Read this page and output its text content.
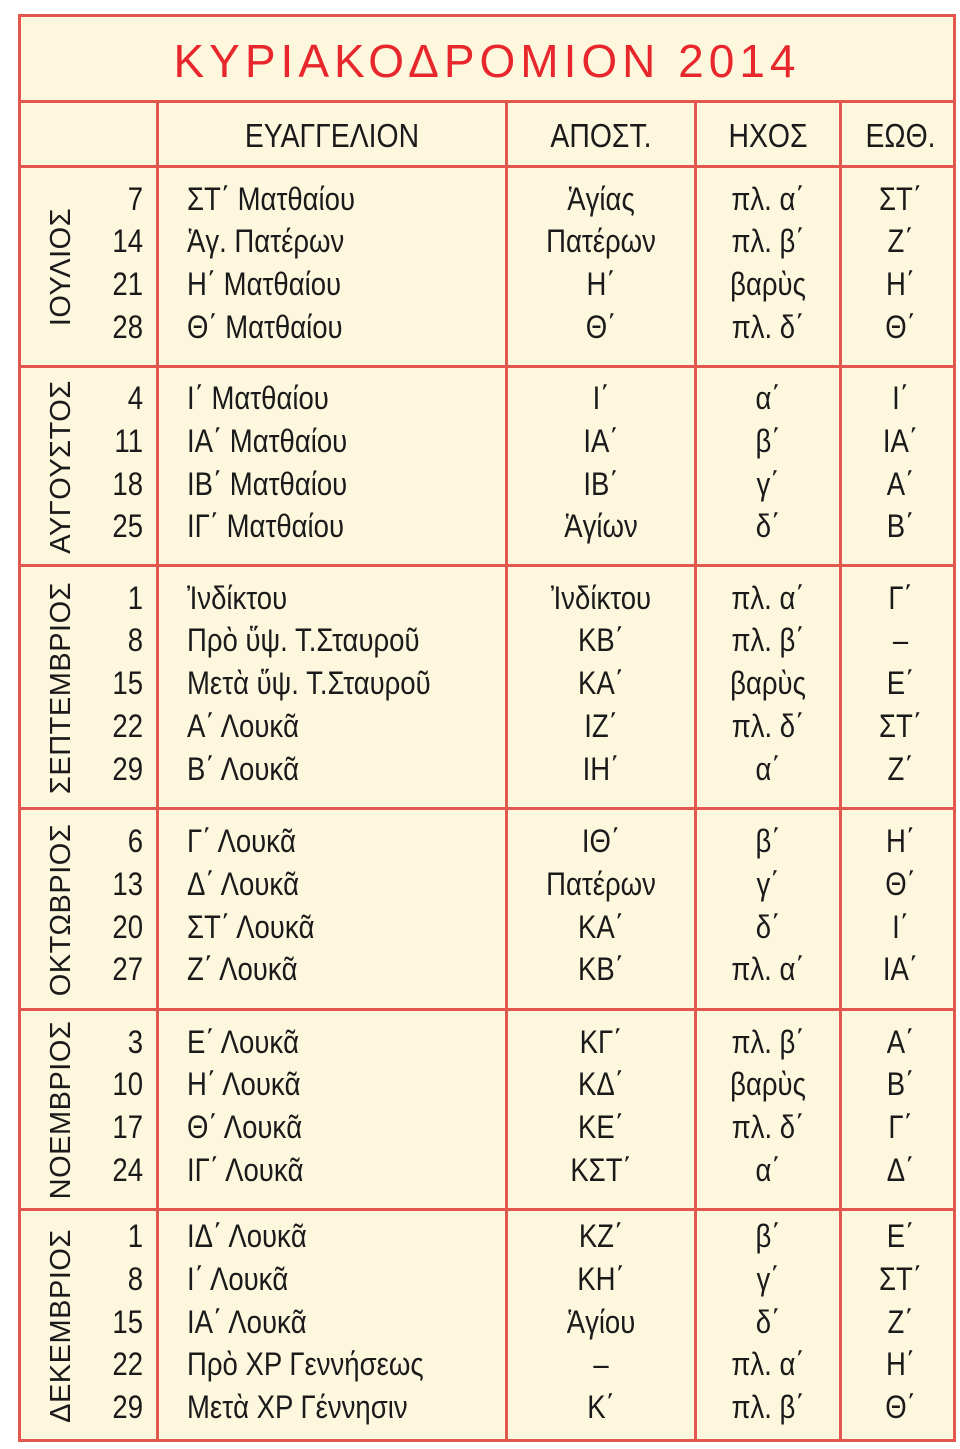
ΚΥΡΙΑΚΟΔΡΟΜΙΟΝ 2014
ΕΥΑΓΓΕΛΙΟΝ	ΑΠΟΣΤ.	ΗΧΟΣ	ΕΩΘ.
ΙΟΥΛΙΟΣ
7 ΣΤ΄ Ματθαίου	Ἁγίας	πλ. α΄	ΣΤ΄
14 Ἁγ. Πατέρων	Πατέρων	πλ. β΄	Ζ΄
21 Η΄ Ματθαίου	Η΄	βαρὺς	Η΄
28 Θ΄ Ματθαίου	Θ΄	πλ. δ΄	Θ΄
ΑΥΓΟΥΣΤΟΣ	4 Ι΄ Ματθαίου	Ι΄	α΄	Ι΄
11 ΙΑ΄ Ματθαίου	ΙΑ΄	β΄	ΙΑ΄
18 ΙΒ΄ Ματθαίου	ΙΒ΄	γ΄	Α΄
25 ΙΓ΄ Ματθαίου	Ἁγίων	δ΄	Β΄
ΣΕΠΤΕΜΒΡΙΟΣ	1 Ἰνδίκτου	Ἰνδίκτου	πλ. α΄	Γ΄
8 Πρὸ ὕψ. Τ.Σταυροῦ	ΚΒ΄	πλ. β΄	–
15 Μετὰ ὕψ. Τ.Σταυροῦ	ΚΑ΄	βαρὺς	Ε΄
22 Α΄ Λουκᾶ	ΙΖ΄	πλ. δ΄	ΣΤ΄
29 Β΄ Λουκᾶ	ΙΗ΄	α΄	Ζ΄
ΟΚΤΩΒΡΙΟΣ	6 Γ΄ Λουκᾶ	ΙΘ΄	β΄	Η΄
13 Δ΄ Λουκᾶ	Πατέρων	γ΄	Θ΄
20 ΣΤ΄ Λουκᾶ	ΚΑ΄	δ΄	Ι΄
27 Ζ΄ Λουκᾶ	ΚΒ΄	πλ. α΄	ΙΑ΄
ΝΟΕΜΒΡΙΟΣ	3 Ε΄ Λουκᾶ	ΚΓ΄	πλ. β΄	Α΄
10 Η΄ Λουκᾶ	ΚΔ΄	βαρὺς	Β΄
17 Θ΄ Λουκᾶ	ΚΕ΄	πλ. δ΄	Γ΄
24 ΙΓ΄ Λουκᾶ	ΚΣΤ΄	α΄	Δ΄
ΔΕΚΕΜΒΡΙΟΣ	1 ΙΔ΄ Λουκᾶ	ΚΖ΄	β΄	Ε΄
8 Ι΄ Λουκᾶ	ΚΗ΄	γ΄	ΣΤ΄
15 ΙΑ΄ Λουκᾶ	Ἁγίου	δ΄	Ζ΄
22 Πρὸ ΧΡ Γεννήσεως	–	πλ. α΄	Η΄
29 Μετὰ ΧΡ Γέννησιν	Κ΄	πλ. β΄	Θ΄
